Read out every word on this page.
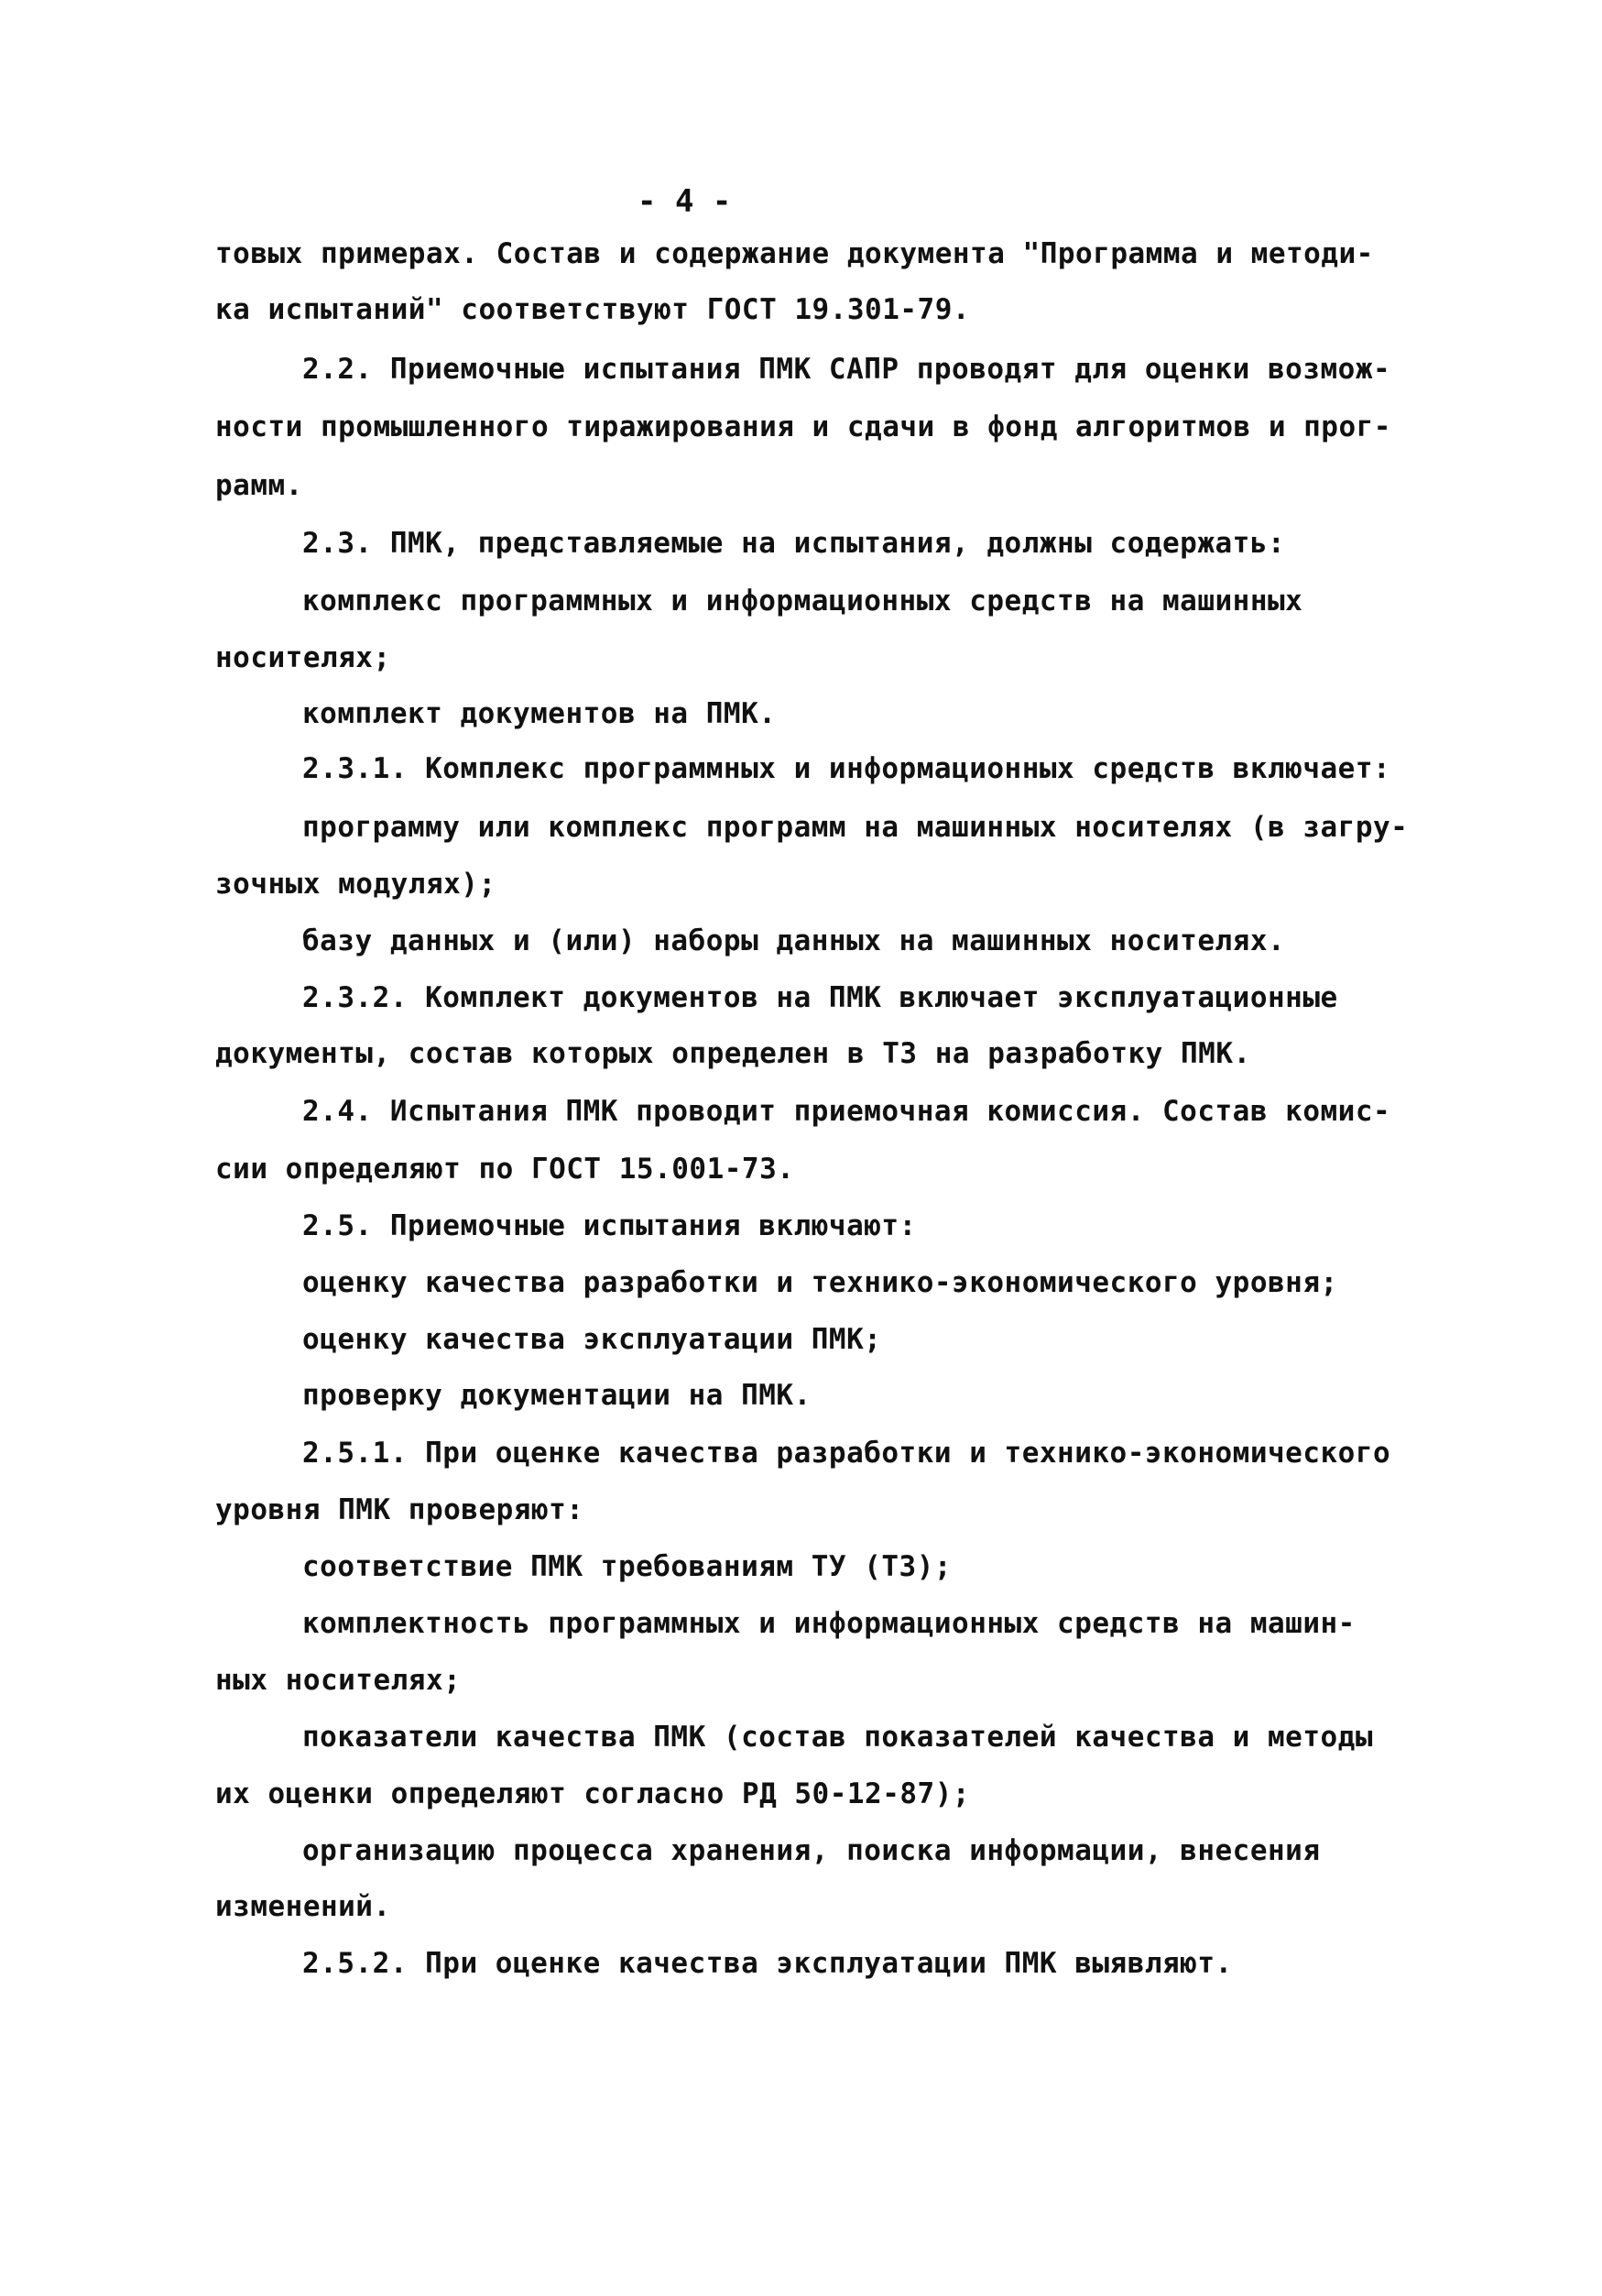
- 4 -
товых примерах. Состав и содержание документа "Программа и методи-
ка испытаний" соответствуют ГОСТ 19.301-79.
2.2. Приемочные испытания ПМК САПР проводят для оценки возмож-
ности промышленного тиражирования и сдачи в фонд алгоритмов и прог-
рамм.
2.3. ПМК, представляемые на испытания, должны содержать:
комплекс программных и информационных средств на машинных
носителях;
комплект документов на ПМК.
2.3.1. Комплекс программных и информационных средств включает:
программу или комплекс программ на машинных носителях (в загру-
зочных модулях);
базу данных и (или) наборы данных на машинных носителях.
2.3.2. Комплект документов на ПМК включает эксплуатационные
документы, состав которых определен в ТЗ на разработку ПМК.
2.4. Испытания ПМК проводит приемочная комиссия. Состав комис-
сии определяют по ГОСТ 15.001-73.
2.5. Приемочные испытания включают:
оценку качества разработки и технико-экономического уровня;
оценку качества эксплуатации ПМК;
проверку документации на ПМК.
2.5.1. При оценке качества разработки и технико-экономического
уровня ПМК проверяют:
соответствие ПМК требованиям ТУ (ТЗ);
комплектность программных и информационных средств на машин-
ных носителях;
показатели качества ПМК (состав показателей качества и методы
их оценки определяют согласно РД 50-12-87);
организацию процесса хранения, поиска информации, внесения
изменений.
2.5.2. При оценке качества эксплуатации ПМК выявляют.
